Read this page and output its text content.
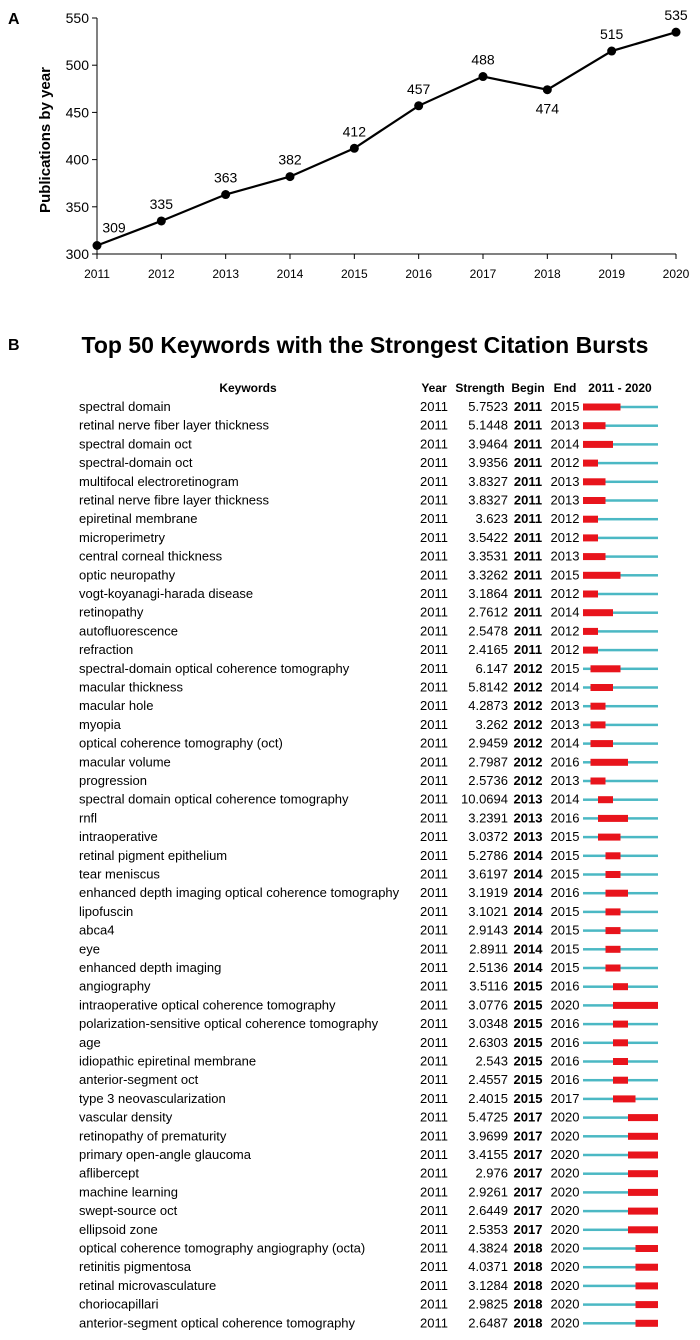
A
Publications by year
300
350
400
450
500
550
2011	2012	2013	2014	2015	2016	2017	2018	2019	2020
309
335
363
382
412
457
488
474
515
535
B	Top 50 Keywords with the Strongest Citation Bursts
Keywords	Year Strength Begin End 2011 - 2020
spectral domain	2011 5.7523 2011 2015
retinal nerve fiber layer thickness	2011 5.1448 2011 2013
spectral domain oct	2011 3.9464 2011 2014
spectral-domain oct	2011 3.9356 2011 2012
multifocal electroretinogram	2011 3.8327 2011 2013
retinal nerve fibre layer thickness	2011 3.8327 2011 2013
epiretinal membrane	2011 3.623 2011 2012
microperimetry	2011 3.5422 2011 2012
central corneal thickness	2011 3.3531 2011 2013
optic neuropathy	2011 3.3262 2011 2015
vogt-koyanagi-harada disease	2011 3.1864 2011 2012
retinopathy	2011 2.7612 2011 2014
autofluorescence	2011 2.5478 2011 2012
refraction	2011 2.4165 2011 2012
spectral-domain optical coherence tomography	2011 6.147 2012 2015
macular thickness	2011 5.8142 2012 2014
macular hole	2011 4.2873 2012 2013
myopia	2011 3.262 2012 2013
optical coherence tomography (oct)	2011 2.9459 2012 2014
macular volume	2011 2.7987 2012 2016
progression	2011 2.5736 2012 2013
spectral domain optical coherence tomography	2011 10.0694 2013 2014
rnfl	2011 3.2391 2013 2016
intraoperative	2011 3.0372 2013 2015
retinal pigment epithelium	2011 5.2786 2014 2015
tear meniscus	2011 3.6197 2014 2015
enhanced depth imaging optical coherence tomography 2011 3.1919 2014 2016
lipofuscin	2011 3.1021 2014 2015
abca4	2011 2.9143 2014 2015
eye	2011 2.8911 2014 2015
enhanced depth imaging	2011 2.5136 2014 2015
angiography	2011 3.5116 2015 2016
intraoperative optical coherence tomography	2011 3.0776 2015 2020
polarization-sensitive optical coherence tomography	2011 3.0348 2015 2016
age	2011 2.6303 2015 2016
idiopathic epiretinal membrane	2011 2.543 2015 2016
anterior-segment oct	2011 2.4557 2015 2016
type 3 neovascularization	2011 2.4015 2015 2017
vascular density	2011 5.4725 2017 2020
retinopathy of prematurity	2011 3.9699 2017 2020
primary open-angle glaucoma	2011 3.4155 2017 2020
aflibercept	2011 2.976 2017 2020
machine learning	2011 2.9261 2017 2020
swept-source oct	2011 2.6449 2017 2020
ellipsoid zone	2011 2.5353 2017 2020
optical coherence tomography angiography (octa)	2011 4.3824 2018 2020
retinitis pigmentosa	2011 4.0371 2018 2020
retinal microvasculature	2011 3.1284 2018 2020
choriocapillari	2011 2.9825 2018 2020
anterior-segment optical coherence tomography	2011 2.6487 2018 2020
